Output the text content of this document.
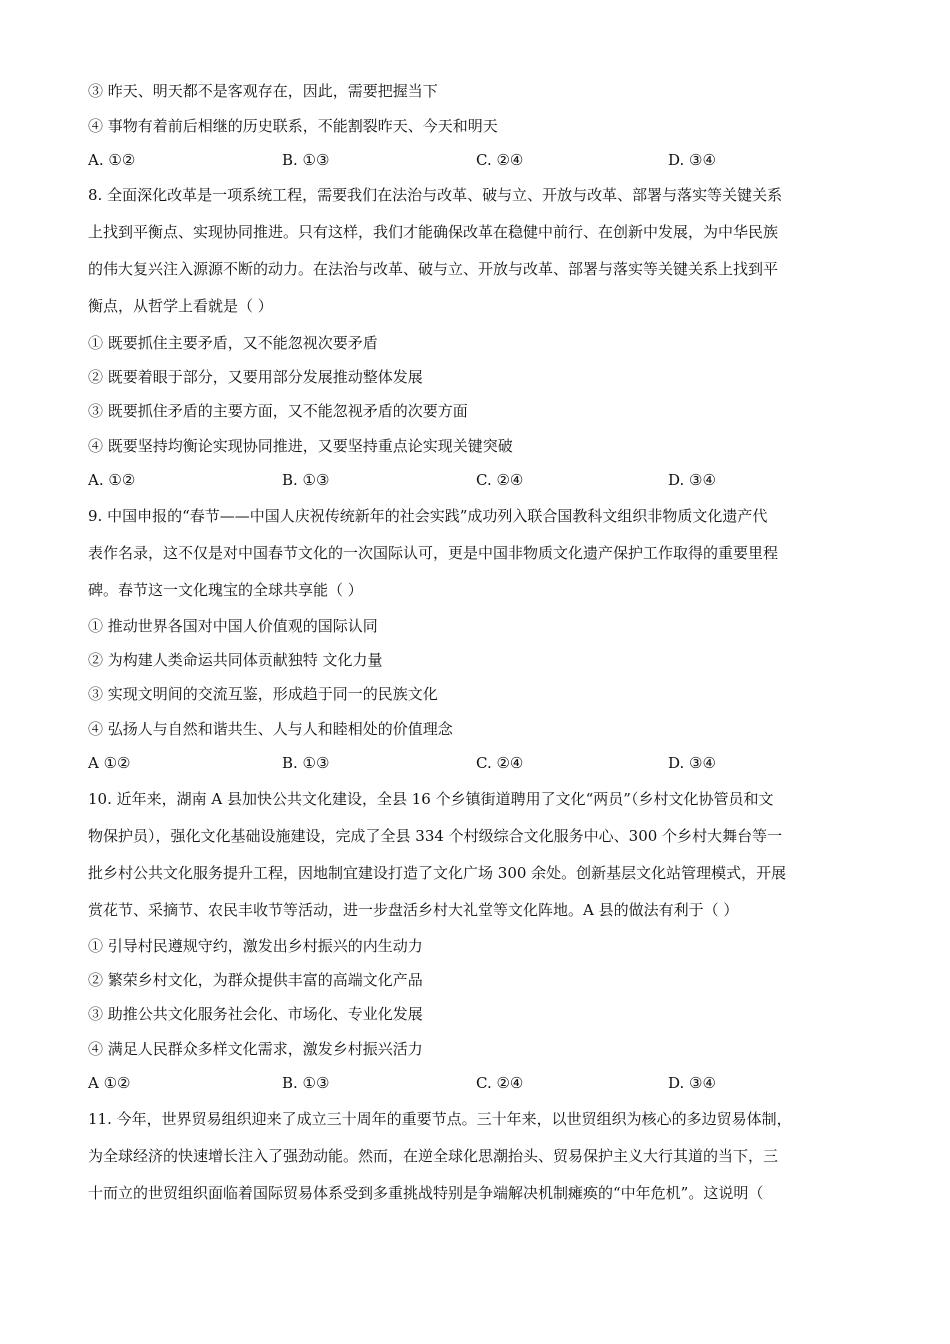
③ 昨天、明天都不是客观存在，因此，需要把握当下
④ 事物有着前后相继的历史联系，不能割裂昨天、今天和明天
A. ①②	B. ①③	C. ②④	D. ③④
8. 全面深化改革是一项系统工程，需要我们在法治与改革、破与立、开放与改革、部署与落实等关键关系
上找到平衡点、实现协同推进。只有这样，我们才能确保改革在稳健中前行、在创新中发展，为中华民族
的伟大复兴注入源源不断的动力。在法治与改革、破与立、开放与改革、部署与落实等关键关系上找到平
衡点，从哲学上看就是（ ）
① 既要抓住主要矛盾，又不能忽视次要矛盾
② 既要着眼于部分，又要用部分发展推动整体发展
③ 既要抓住矛盾的主要方面，又不能忽视矛盾的次要方面
④ 既要坚持均衡论实现协同推进，又要坚持重点论实现关键突破
A. ①②	B. ①③	C. ②④	D. ③④
9. 中国申报的“春节——中国人庆祝传统新年的社会实践”成功列入联合国教科文组织非物质文化遗产代
表作名录，这不仅是对中国春节文化的一次国际认可，更是中国非物质文化遗产保护工作取得的重要里程
碑。春节这一文化瑰宝的全球共享能（ ）
① 推动世界各国对中国人价值观的国际认同
② 为构建人类命运共同体贡献独特 文化力量
③ 实现文明间的交流互鉴，形成趋于同一的民族文化
④ 弘扬人与自然和谐共生、人与人和睦相处的价值理念
A ①②	B. ①③	C. ②④	D. ③④
10. 近年来，湖南 A 县加快公共文化建设，全县 16 个乡镇街道聘用了文化“两员”（乡村文化协管员和文
物保护员），强化文化基础设施建设，完成了全县 334 个村级综合文化服务中心、300 个乡村大舞台等一
批乡村公共文化服务提升工程，因地制宜建设打造了文化广场 300 余处。创新基层文化站管理模式，开展
赏花节、采摘节、农民丰收节等活动，进一步盘活乡村大礼堂等文化阵地。A 县的做法有利于（ ）
① 引导村民遵规守约，激发出乡村振兴的内生动力
② 繁荣乡村文化，为群众提供丰富的高端文化产品
③ 助推公共文化服务社会化、市场化、专业化发展
④ 满足人民群众多样文化需求，激发乡村振兴活力
A ①②	B. ①③	C. ②④	D. ③④
11. 今年，世界贸易组织迎来了成立三十周年的重要节点。三十年来，以世贸组织为核心的多边贸易体制，
为全球经济的快速增长注入了强劲动能。然而，在逆全球化思潮抬头、贸易保护主义大行其道的当下，三
十而立的世贸组织面临着国际贸易体系受到多重挑战特别是争端解决机制瘫痪的“中年危机”。这说明（
